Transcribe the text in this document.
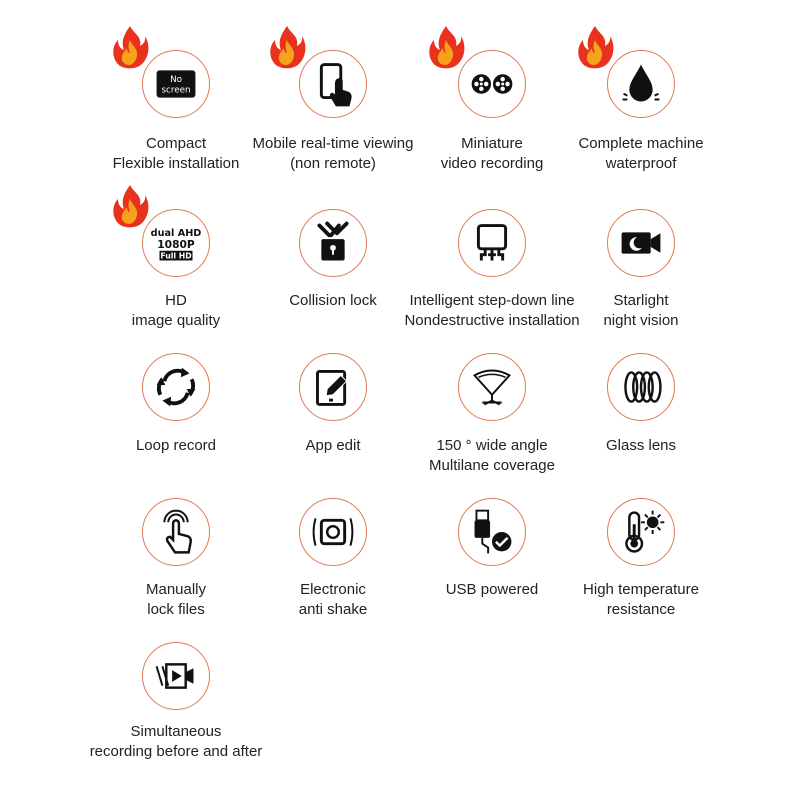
No
screen
Compact
Flexible installation
Mobile real-time viewing
(non remote)
Miniature
video recording
Complete machine
waterproof
dual AHD
1080P
Full HD
HD
image quality
Collision lock	Intelligent step-down line
Nondestructive installation
Starlight
night vision
Loop record	App edit	150 ° wide angle
Multilane coverage
Glass lens
Manually
lock files
Electronic
anti shake
USB powered	High temperature
resistance
Simultaneous
recording before and after
